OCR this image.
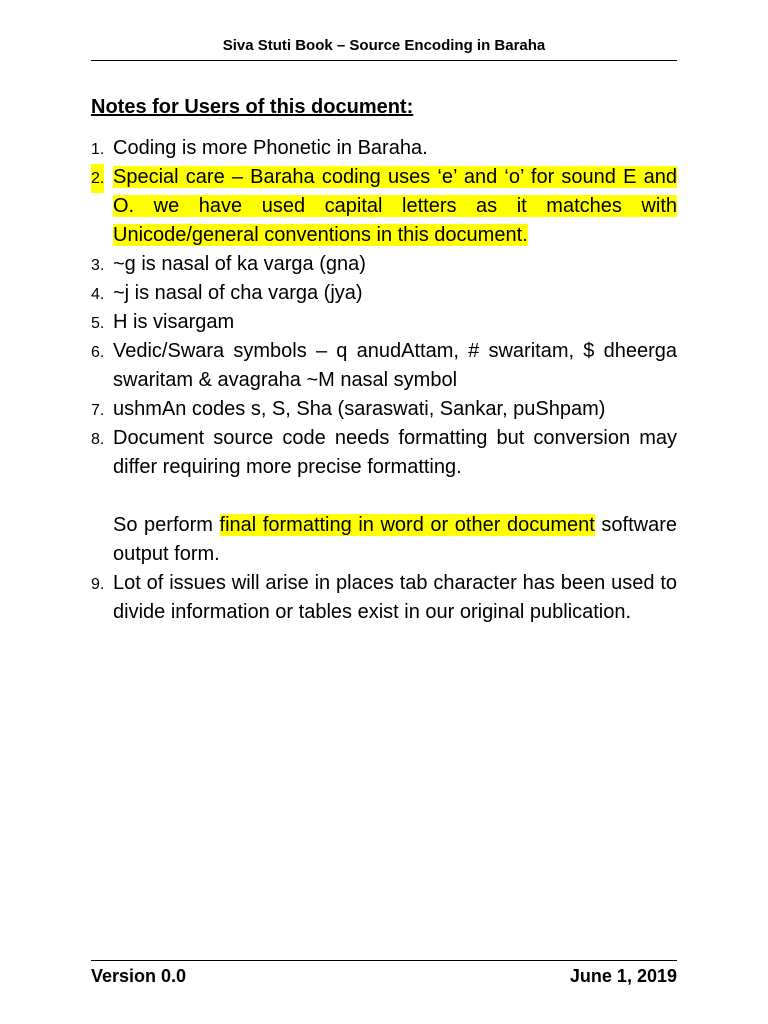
Siva Stuti Book – Source Encoding in Baraha
Notes for Users of this document:
1. Coding is more Phonetic in Baraha.
2. Special care – Baraha coding uses ‘e’ and ‘o’ for sound E and O. we have used capital letters as it matches with Unicode/general conventions in this document.
3. ~g is nasal of ka varga (gna)
4. ~j is nasal of cha varga (jya)
5. H is visargam
6. Vedic/Swara symbols – q anudAttam, # swaritam, $ dheerga swaritam & avagraha ~M nasal symbol
7. ushmAn codes s, S, Sha (saraswati, Sankar, puShpam)
8. Document source code needs formatting but conversion may differ requiring more precise formatting.
So perform final formatting in word or other document software output form.
9. Lot of issues will arise in places tab character has been used to divide information or tables exist in our original publication.
Version 0.0	June 1, 2019
